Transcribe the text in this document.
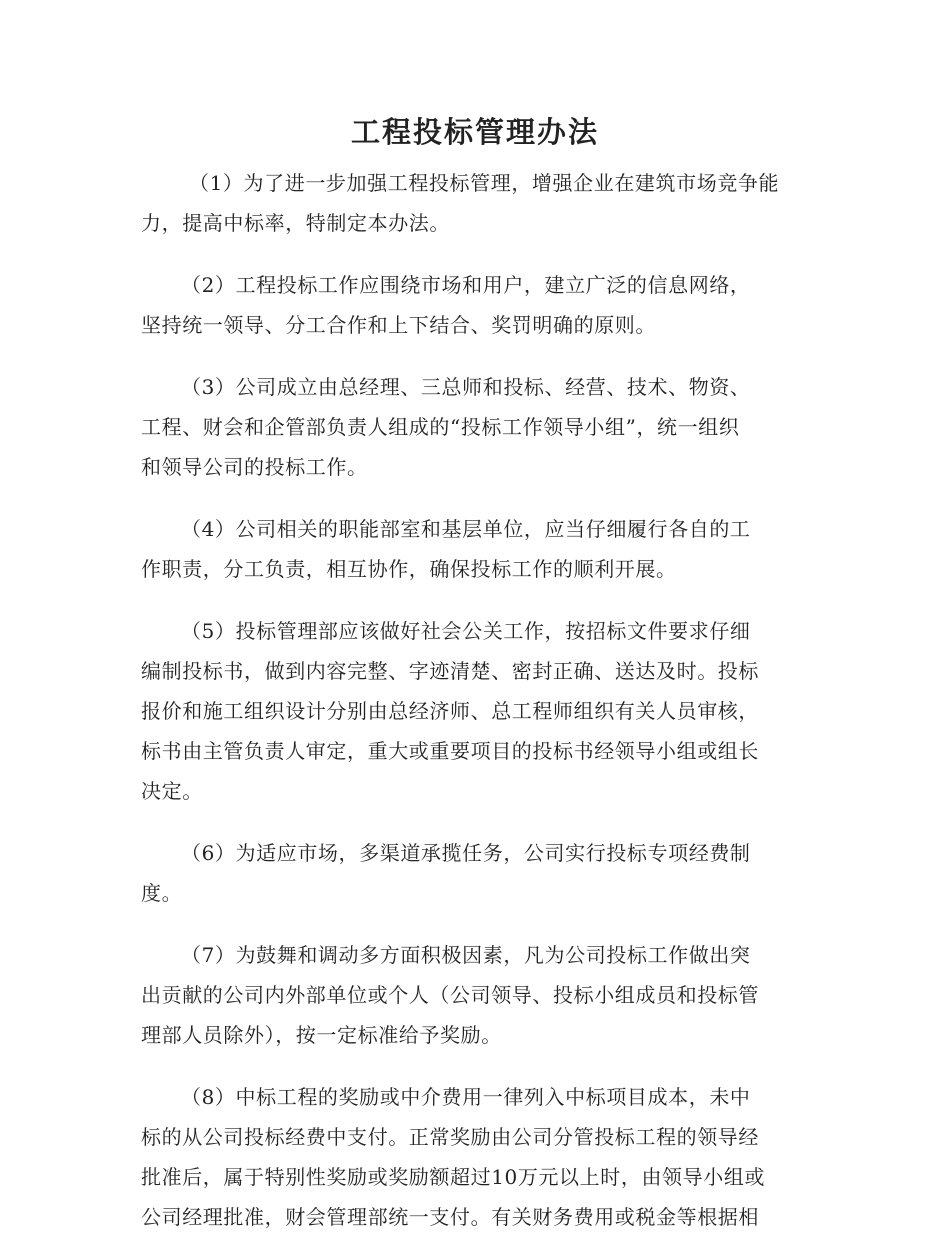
工程投标管理办法
（1）为了进一步加强工程投标管理，增强企业在建筑市场竞争能
力，提高中标率，特制定本办法。
（2）工程投标工作应围绕市场和用户，建立广泛的信息网络，
坚持统一领导、分工合作和上下结合、奖罚明确的原则。
（3）公司成立由总经理、三总师和投标、经营、技术、物资、
工程、财会和企管部负责人组成的“投标工作领导小组”，统一组织
和领导公司的投标工作。
（4）公司相关的职能部室和基层单位，应当仔细履行各自的工
作职责，分工负责，相互协作，确保投标工作的顺利开展。
（5）投标管理部应该做好社会公关工作，按招标文件要求仔细
编制投标书，做到内容完整、字迹清楚、密封正确、送达及时。投标
报价和施工组织设计分别由总经济师、总工程师组织有关人员审核，
标书由主管负责人审定，重大或重要项目的投标书经领导小组或组长
决定。
（6）为适应市场，多渠道承揽任务，公司实行投标专项经费制
度。
（7）为鼓舞和调动多方面积极因素，凡为公司投标工作做出突
出贡献的公司内外部单位或个人（公司领导、投标小组成员和投标管
理部人员除外），按一定标准给予奖励。
（8）中标工程的奖励或中介费用一律列入中标项目成本，未中
标的从公司投标经费中支付。正常奖励由公司分管投标工程的领导经
批准后，属于特别性奖励或奖励额超过10万元以上时，由领导小组或
公司经理批准，财会管理部统一支付。有关财务费用或税金等根据相
